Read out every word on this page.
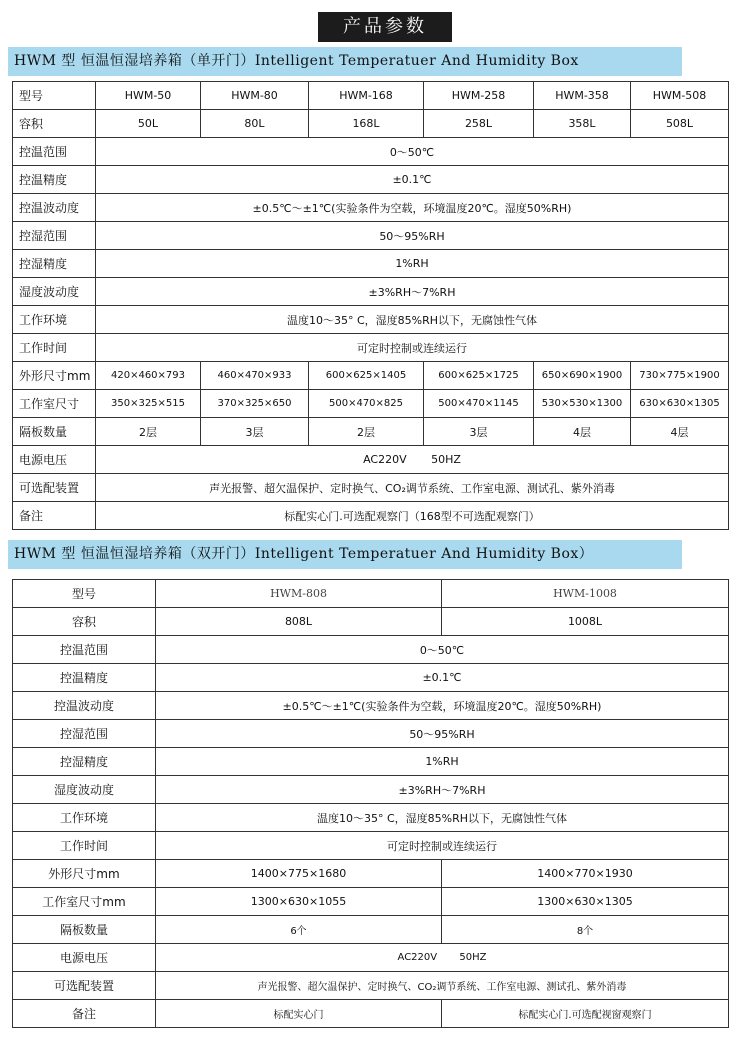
产品参数
HWM 型 恒温恒湿培养箱（单开门）Intelligent Temperatuer And Humidity Box
型号	HWM-50	HWM-80	HWM-168	HWM-258	HWM-358	HWM-508
容积	50L	80L	168L	258L	358L	508L
控温范围	0～50℃					
控温精度	±0.1℃					
控温波动度	±0.5℃～±1℃(实验条件为空载，环境温度20℃。湿度50%RH)					
控湿范围	50～95%RH					
控湿精度	1%RH					
湿度波动度	±3%RH～7%RH					
工作环境	温度10～35° C，湿度85%RH以下，无腐蚀性气体					
工作时间	可定时控制或连续运行					
外形尺寸mm	420×460×793	460×470×933	600×625×1405	600×625×1725	650×690×1900	730×775×1900
工作室尺寸	350×325×515	370×325×650	500×470×825	500×470×1145	530×530×1300	630×630×1305
隔板数量	2层	3层	2层	3层	4层	4层
电源电压	AC220V       50HZ					
可选配装置	声光报警、超欠温保护、定时换气、CO₂调节系统、工作室电源、测试孔、紫外消毒					
备注	标配实心门.可选配观察门（168型不可选配观察门）					
HWM 型 恒温恒湿培养箱（双开门）Intelligent Temperatuer And Humidity Box）
型号	HWM-808	HWM-1008
容积	808L	1008L
控温范围	0～50℃	
控温精度	±0.1℃	
控温波动度	±0.5℃～±1℃(实验条件为空载，环境温度20℃。湿度50%RH)	
控湿范围	50～95%RH	
控湿精度	1%RH	
湿度波动度	±3%RH～7%RH	
工作环境	温度10～35° C，湿度85%RH以下，无腐蚀性气体	
工作时间	可定时控制或连续运行	
外形尺寸mm	1400×775×1680	1400×770×1930
工作室尺寸mm	1300×630×1055	1300×630×1305
隔板数量	6个	8个
电源电压	AC220V       50HZ	
可选配装置	声光报警、超欠温保护、定时换气、CO₂调节系统、工作室电源、测试孔、紫外消毒	
备注	标配实心门	标配实心门.可选配视窗观察门
